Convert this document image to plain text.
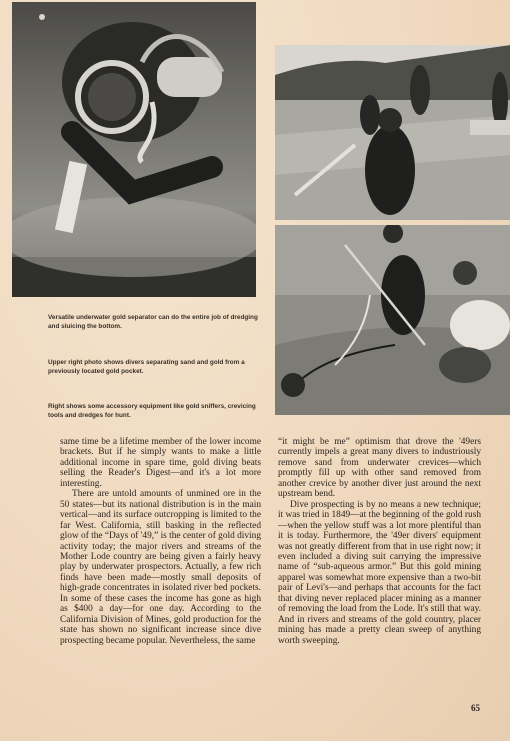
Versatile underwater gold separator can do the entire job of dredging and sluicing the bottom.
Upper right photo shows divers separating sand and gold from a previously located gold pocket.
Right shows some accessory equipment like gold sniffers, crevicing tools and dredges for hunt.

same time be a lifetime member of the lower income brackets. But if he simply wants to make a little additional income in spare time, gold diving beats selling the Reader's Digest—and it's a lot more interesting.

There are untold amounts of unmined ore in the 50 states—but its national distribution is in the main vertical—and its surface outcropping is limited to the far West. California, still basking in the reflected glow of the “Days of '49,” is the center of gold diving activity today; the major rivers and streams of the Mother Lode country are being given a fairly heavy play by underwater prospectors. Actually, a few rich finds have been made—mostly small deposits of high-grade concentrates in isolated river bed pockets. In some of these cases the income has gone as high as $400 a day—for one day. According to the California Division of Mines, gold production for the state has shown no significant increase since dive prospecting became popular. Nevertheless, the same

“it might be me” optimism that drove the '49ers currently impels a great many divers to industriously remove sand from underwater crevices—which promptly fill up with other sand removed from another crevice by another diver just around the next upstream bend.

Dive prospecting is by no means a new technique; it was tried in 1849—at the beginning of the gold rush—when the yellow stuff was a lot more plentiful than it is today. Furthermore, the '49er divers' equipment was not greatly different from that in use right now; it even included a diving suit carrying the impressive name of “sub-aqueous armor.” But this gold mining apparel was somewhat more expensive than a two-bit pair of Levi's—and perhaps that accounts for the fact that diving never replaced placer mining as a manner of removing the load from the Lode. It's still that way. And in rivers and streams of the gold country, placer mining has made a pretty clean sweep of anything worth sweeping.

65
